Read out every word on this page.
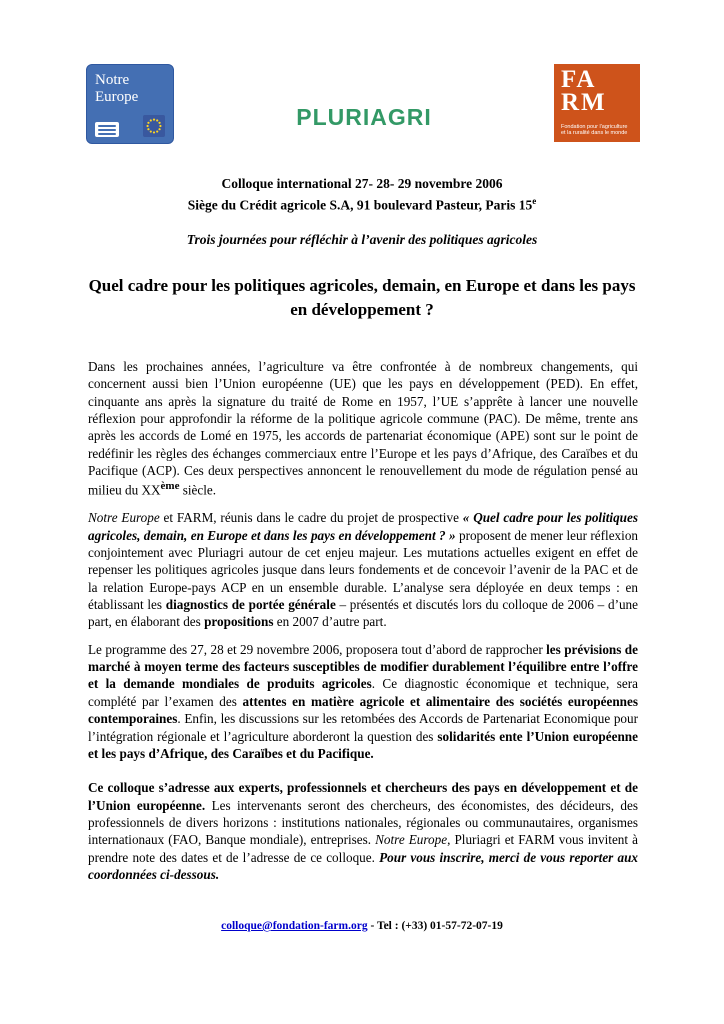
Notre
Europe
PLURIAGRI
FA
RM
Fondation pour l'agriculture et la ruralité dans le monde
Colloque international 27- 28- 29 novembre 2006
Siège du Crédit agricole S.A, 91 boulevard Pasteur, Paris 15e
Trois journées pour réfléchir à l’avenir des politiques agricoles
Quel cadre pour les politiques agricoles, demain, en Europe et dans les pays en développement ?

Dans les prochaines années, l’agriculture va être confrontée à de nombreux changements, qui concernent aussi bien l’Union européenne (UE) que les pays en développement (PED). En effet, cinquante ans après la signature du traité de Rome en 1957, l’UE s’apprête à lancer une nouvelle réflexion pour approfondir la réforme de la politique agricole commune (PAC). De même, trente ans après les accords de Lomé en 1975, les accords de partenariat économique (APE) sont sur le point de redéfinir les règles des échanges commerciaux entre l’Europe et les pays d’Afrique, des Caraïbes et du Pacifique (ACP). Ces deux perspectives annoncent le renouvellement du mode de régulation pensé au milieu du XXème siècle.

Notre Europe et FARM, réunis dans le cadre du projet de prospective « Quel cadre pour les politiques agricoles, demain, en Europe et dans les pays en développement ? » proposent de mener leur réflexion conjointement avec Pluriagri autour de cet enjeu majeur. Les mutations actuelles exigent en effet de repenser les politiques agricoles jusque dans leurs fondements et de concevoir l’avenir de la PAC et de la relation Europe-pays ACP en un ensemble durable. L’analyse sera déployée en deux temps : en établissant les diagnostics de portée générale – présentés et discutés lors du colloque de 2006 – d’une part, en élaborant des propositions en 2007 d’autre part.

Le programme des 27, 28 et 29 novembre 2006, proposera tout d’abord de rapprocher les prévisions de marché à moyen terme des facteurs susceptibles de modifier durablement l’équilibre entre l’offre et la demande mondiales de produits agricoles. Ce diagnostic économique et technique, sera complété par l’examen des attentes en matière agricole et alimentaire des sociétés européennes contemporaines. Enfin, les discussions sur les retombées des Accords de Partenariat Economique pour l’intégration régionale et l’agriculture aborderont la question des solidarités ente l’Union européenne et les pays d’Afrique, des Caraïbes et du Pacifique.

Ce colloque s’adresse aux experts, professionnels et chercheurs des pays en développement et de l’Union européenne. Les intervenants seront des chercheurs, des économistes, des décideurs, des professionnels de divers horizons : institutions nationales, régionales ou communautaires, organismes internationaux (FAO, Banque mondiale), entreprises. Notre Europe, Pluriagri et FARM vous invitent à prendre note des dates et de l’adresse de ce colloque. Pour vous inscrire, merci de vous reporter aux coordonnées ci-dessous.

colloque@fondation-farm.org - Tel : (+33) 01-57-72-07-19
